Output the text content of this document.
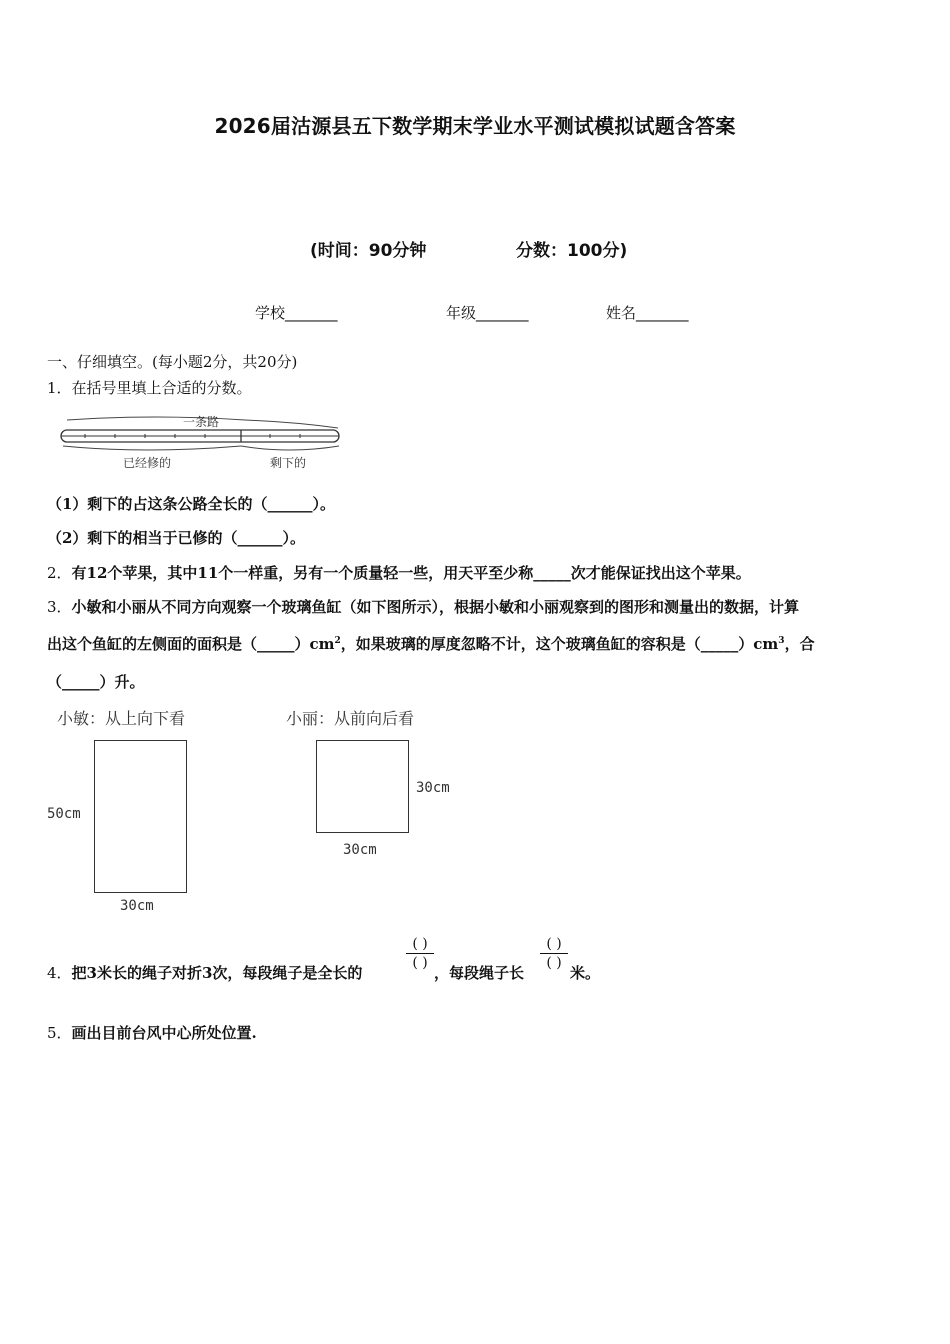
2026届沽源县五下数学期末学业水平测试模拟试题含答案
(时间：90分钟	分数：100分)
学校_______	年级_______	姓名_______
一、仔细填空。(每小题2分，共20分)
1．在括号里填上合适的分数。
一条路
已经修的	剩下的
（1）剩下的占这条公路全长的（______）。
（2）剩下的相当于已修的（______）。
2．有12个苹果，其中11个一样重，另有一个质量轻一些，用天平至少称_____次才能保证找出这个苹果。
3．小敏和小丽从不同方向观察一个玻璃鱼缸（如下图所示），根据小敏和小丽观察到的图形和测量出的数据，计算
出这个鱼缸的左侧面的面积是$(\_\_\_\_\_)cm^2$，如果玻璃的厚度忽略不计，这个玻璃鱼缸的容积是$(\_\_\_\_\_)cm^3$，合
（_____）升。
小敏：从上向下看	小丽：从前向后看
50cm
30cm
30cm
30cm
4．把3米长的绳子对折3次，每段绳子是全长的
( )
( )
，每段绳子长
( )
( )
米。
5．画出目前台风中心所处位置.
